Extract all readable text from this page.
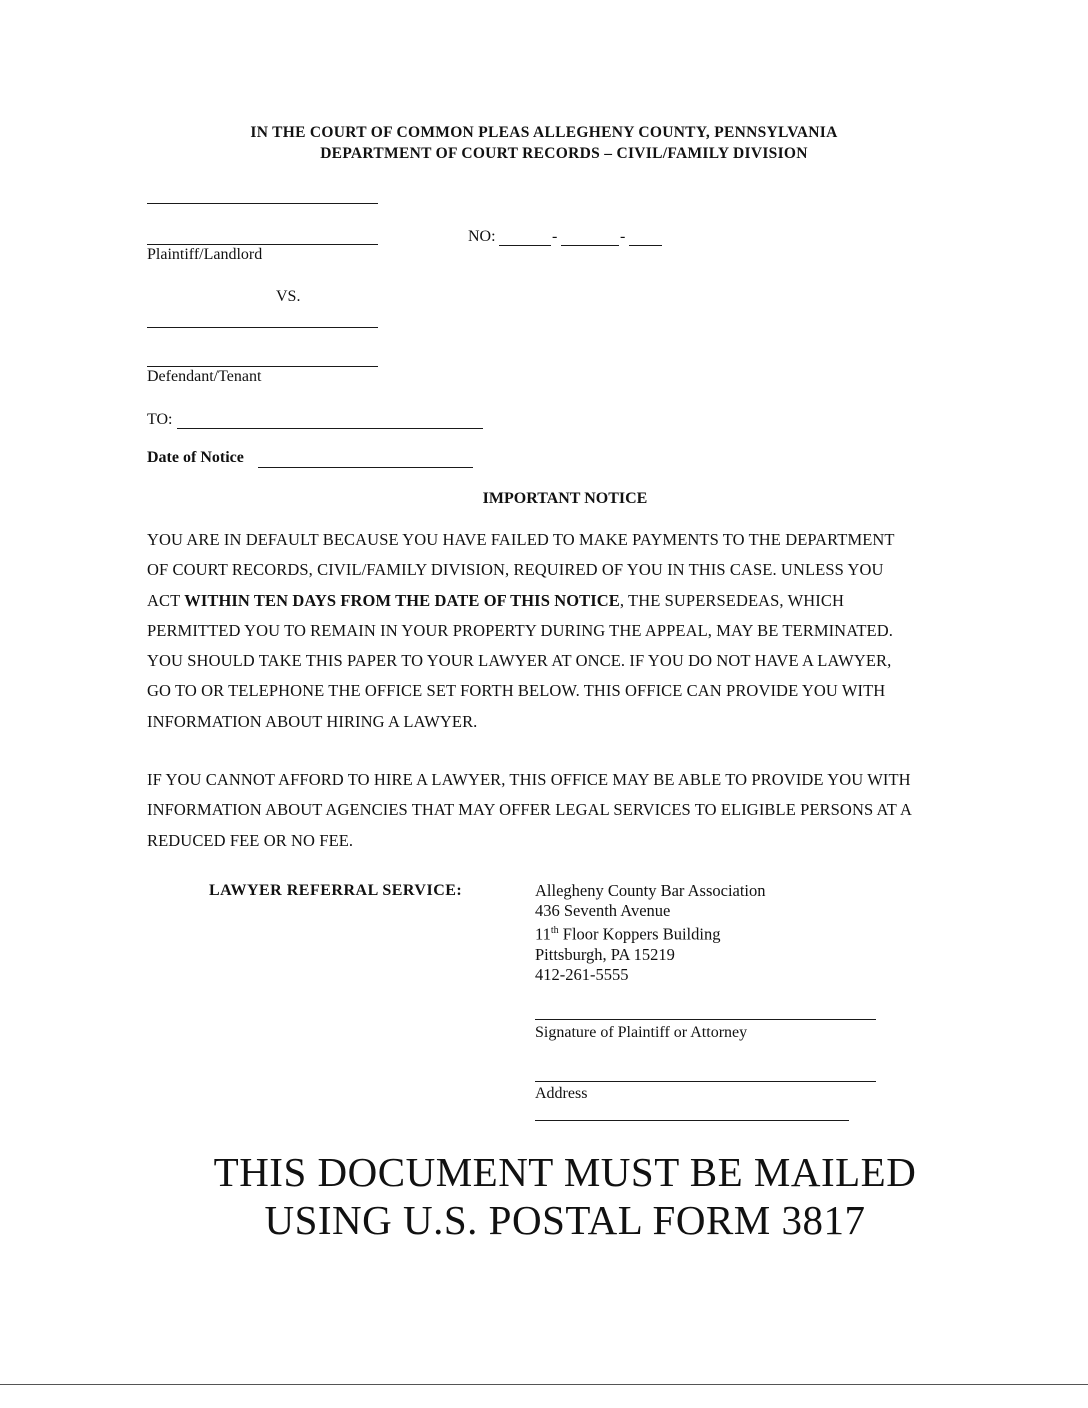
IN THE COURT OF COMMON PLEAS ALLEGHENY COUNTY, PENNSYLVANIA
DEPARTMENT OF COURT RECORDS – CIVIL/FAMILY DIVISION
Plaintiff/Landlord
NO:	-	-
VS.
Defendant/Tenant
TO:
Date of Notice
IMPORTANT NOTICE
YOU ARE IN DEFAULT BECAUSE YOU HAVE FAILED TO MAKE PAYMENTS TO THE DEPARTMENT
OF COURT RECORDS, CIVIL/FAMILY DIVISION, REQUIRED OF YOU IN THIS CASE. UNLESS YOU
ACT WITHIN TEN DAYS FROM THE DATE OF THIS NOTICE, THE SUPERSEDEAS, WHICH
PERMITTED YOU TO REMAIN IN YOUR PROPERTY DURING THE APPEAL, MAY BE TERMINATED.
YOU SHOULD TAKE THIS PAPER TO YOUR LAWYER AT ONCE. IF YOU DO NOT HAVE A LAWYER,
GO TO OR TELEPHONE THE OFFICE SET FORTH BELOW. THIS OFFICE CAN PROVIDE YOU WITH
INFORMATION ABOUT HIRING A LAWYER.
IF YOU CANNOT AFFORD TO HIRE A LAWYER, THIS OFFICE MAY BE ABLE TO PROVIDE YOU WITH
INFORMATION ABOUT AGENCIES THAT MAY OFFER LEGAL SERVICES TO ELIGIBLE PERSONS AT A
REDUCED FEE OR NO FEE.
LAWYER REFERRAL SERVICE:	Allegheny County Bar Association
436 Seventh Avenue
11th Floor Koppers Building
Pittsburgh, PA 15219
412-261-5555
Signature of Plaintiff or Attorney
Address
THIS DOCUMENT MUST BE MAILED
USING U.S. POSTAL FORM 3817
